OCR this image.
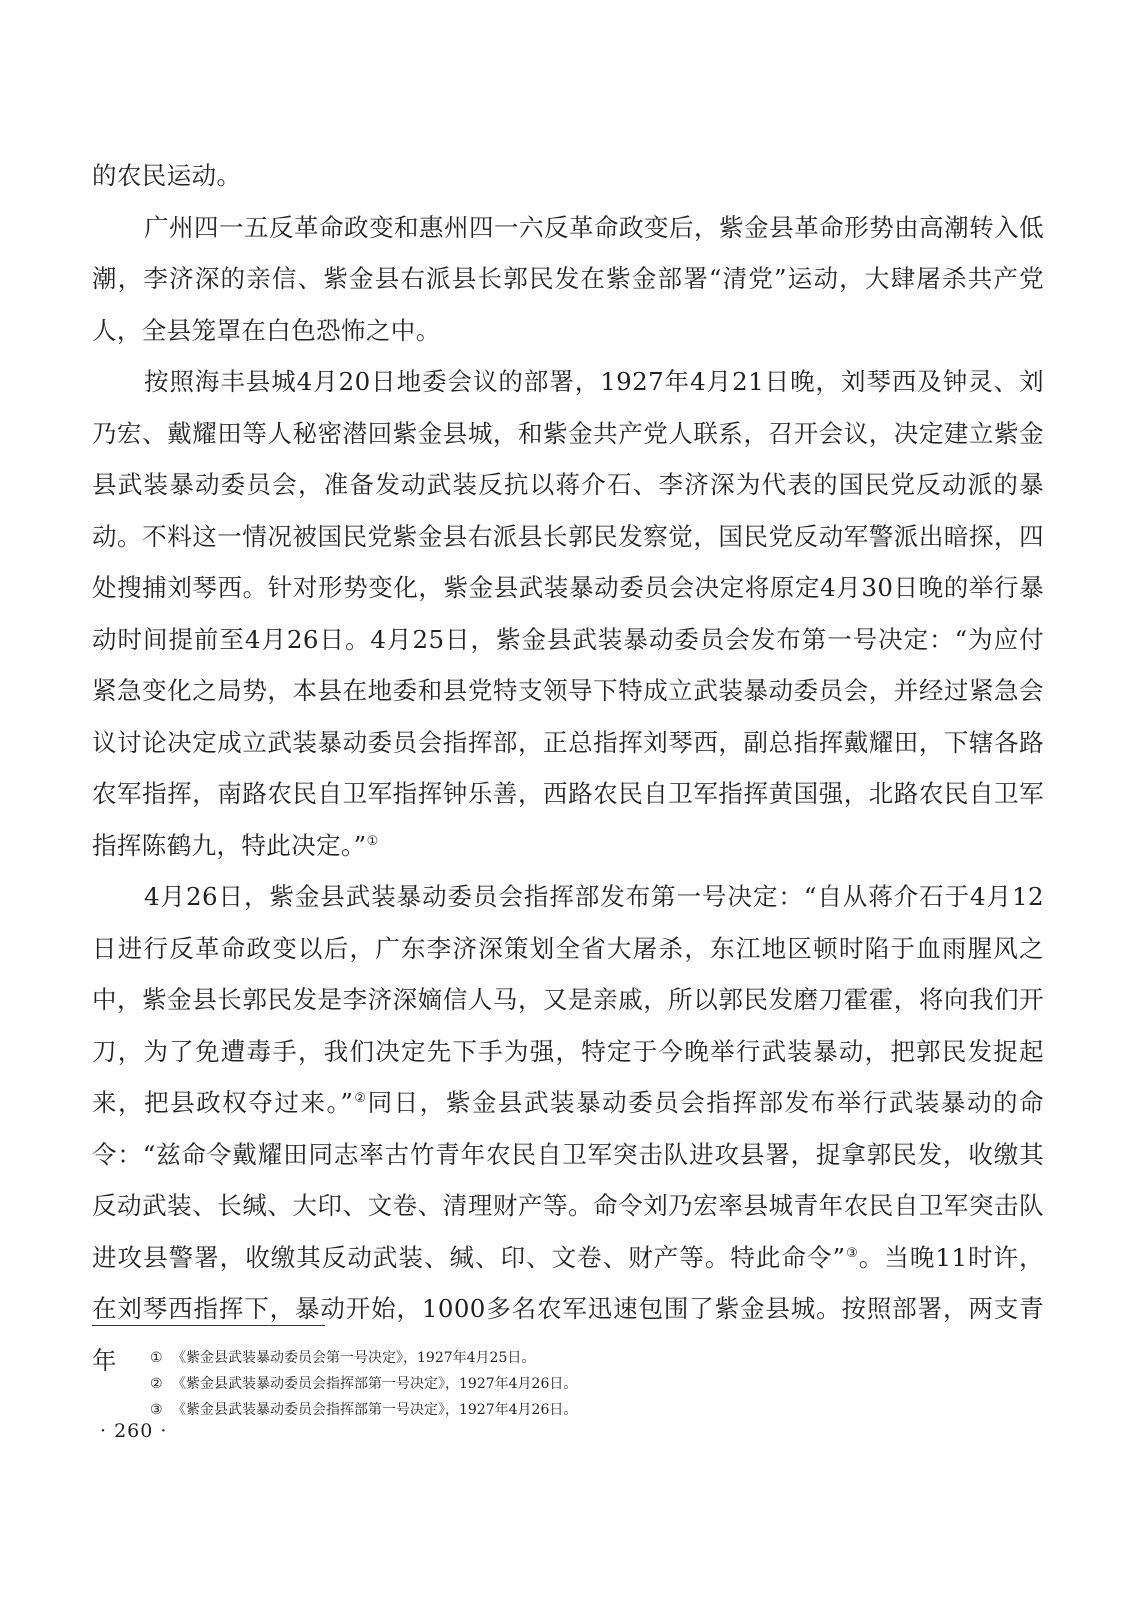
的农民运动。

广州四一五反革命政变和惠州四一六反革命政变后，紫金县革命形势由高潮转入低潮，李济深的亲信、紫金县右派县长郭民发在紫金部署“清党”运动，大肆屠杀共产党人，全县笼罩在白色恐怖之中。

按照海丰县城4月20日地委会议的部署，1927年4月21日晚，刘琴西及钟灵、刘乃宏、戴耀田等人秘密潜回紫金县城，和紫金共产党人联系，召开会议，决定建立紫金县武装暴动委员会，准备发动武装反抗以蒋介石、李济深为代表的国民党反动派的暴动。不料这一情况被国民党紫金县右派县长郭民发察觉，国民党反动军警派出暗探，四处搜捕刘琴西。针对形势变化，紫金县武装暴动委员会决定将原定4月30日晚的举行暴动时间提前至4月26日。4月25日，紫金县武装暴动委员会发布第一号决定：“为应付紧急变化之局势，本县在地委和县党特支领导下特成立武装暴动委员会，并经过紧急会议讨论决定成立武装暴动委员会指挥部，正总指挥刘琴西，副总指挥戴耀田，下辖各路农军指挥，南路农民自卫军指挥钟乐善，西路农民自卫军指挥黄国强，北路农民自卫军指挥陈鹤九，特此决定。”①

4月26日，紫金县武装暴动委员会指挥部发布第一号决定：“自从蒋介石于4月12日进行反革命政变以后，广东李济深策划全省大屠杀，东江地区顿时陷于血雨腥风之中，紫金县长郭民发是李济深嫡信人马，又是亲戚，所以郭民发磨刀霍霍，将向我们开刀，为了免遭毒手，我们决定先下手为强，特定于今晚举行武装暴动，把郭民发捉起来，把县政权夺过来。”②同日，紫金县武装暴动委员会指挥部发布举行武装暴动的命令：“兹命令戴耀田同志率古竹青年农民自卫军突击队进攻县署，捉拿郭民发，收缴其反动武装、长缄、大印、文卷、清理财产等。命令刘乃宏率县城青年农民自卫军突击队进攻县警署，收缴其反动武装、缄、印、文卷、财产等。特此命令”③。当晚11时许，在刘琴西指挥下，暴动开始，1000多名农军迅速包围了紫金县城。按照部署，两支青年	① 《紫金县武装暴动委员会第一号决定》，1927年4月25日。
② 《紫金县武装暴动委员会指挥部第一号决定》，1927年4月26日。
③ 《紫金县武装暴动委员会指挥部第一号决定》，1927年4月26日。
· 260 ·
